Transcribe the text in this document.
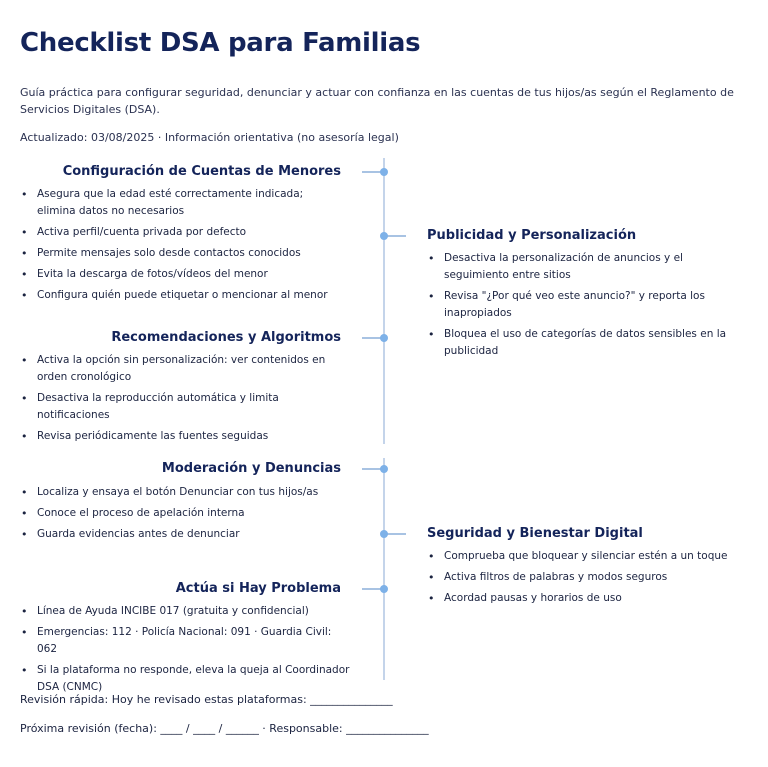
Checklist DSA para Familias

Guía práctica para configurar seguridad, denunciar y actuar con confianza en las cuentas de tus hijos/as según el Reglamento de Servicios Digitales (DSA).

Actualizado: 03/08/2025 · Información orientativa (no asesoría legal)

Configuración de Cuentas de Menores
• Asegura que la edad esté correctamente indicada; elimina datos no necesarios
• Activa perfil/cuenta privada por defecto
• Permite mensajes solo desde contactos conocidos
• Evita la descarga de fotos/vídeos del menor
• Configura quién puede etiquetar o mencionar al menor
Publicidad y Personalización
• Desactiva la personalización de anuncios y el seguimiento entre sitios
• Revisa "¿Por qué veo este anuncio?" y reporta los inapropiados
• Bloquea el uso de categorías de datos sensibles en la publicidad
Recomendaciones y Algoritmos
• Activa la opción sin personalización: ver contenidos en orden cronológico
• Desactiva la reproducción automática y limita notificaciones
• Revisa periódicamente las fuentes seguidas
Moderación y Denuncias
• Localiza y ensaya el botón Denunciar con tus hijos/as
• Conoce el proceso de apelación interna
• Guarda evidencias antes de denunciar	Seguridad y Bienestar Digital
• Comprueba que bloquear y silenciar estén a un toque
• Activa filtros de palabras y modos seguros
• Acordad pausas y horarios de uso
Actúa si Hay Problema
• Línea de Ayuda INCIBE 017 (gratuita y confidencial)
• Emergencias: 112 · Policía Nacional: 091 · Guardia Civil: 062
• Si la plataforma no responde, eleva la queja al Coordinador DSA (CNMC)

Revisión rápida: Hoy he revisado estas plataformas: _______________

Próxima revisión (fecha): ____ / ____ / ______ · Responsable: _______________
